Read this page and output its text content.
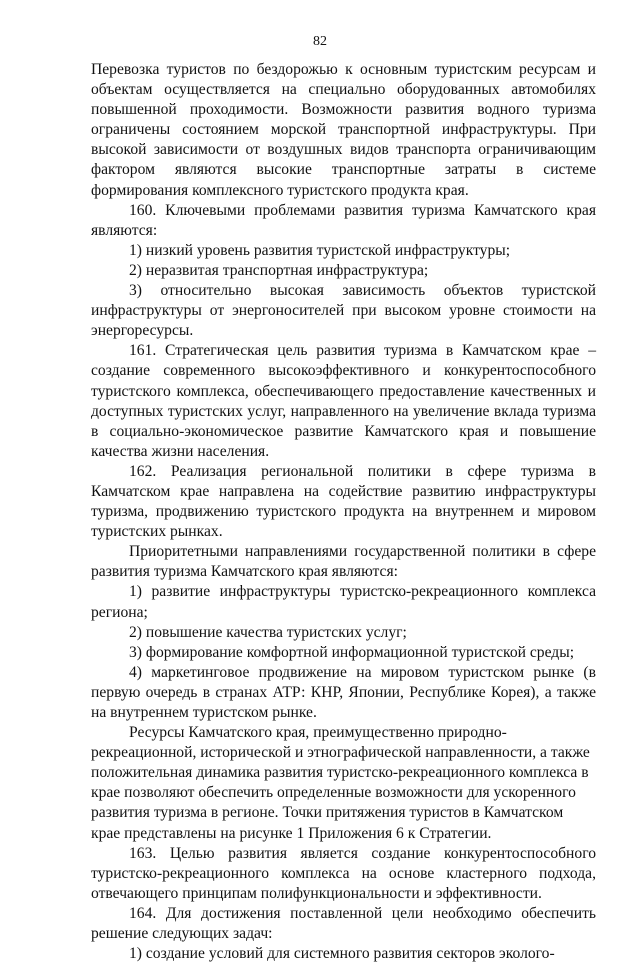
82

Перевозка туристов по бездорожью к основным туристским ресурсам и объектам осуществляется на специально оборудованных автомобилях повышенной проходимости. Возможности развития водного туризма ограничены состоянием морской транспортной инфраструктуры. При высокой зависимости от воздушных видов транспорта ограничивающим фактором являются высокие транспортные затраты в системе формирования комплексного туристского продукта края.

160. Ключевыми проблемами развития туризма Камчатского края являются:

1) низкий уровень развития туристской инфраструктуры;

2) неразвитая транспортная инфраструктура;

3) относительно высокая зависимость объектов туристской инфраструктуры от энергоносителей при высоком уровне стоимости на энергоресурсы.

161. Стратегическая цель развития туризма в Камчатском крае – создание современного высокоэффективного и конкурентоспособного туристского комплекса, обеспечивающего предоставление качественных и доступных туристских услуг, направленного на увеличение вклада туризма в социально-экономическое развитие Камчатского края и повышение качества жизни населения.

162. Реализация региональной политики в сфере туризма в Камчатском крае направлена на содействие развитию инфраструктуры туризма, продвижению туристского продукта на внутреннем и мировом туристских рынках.

Приоритетными направлениями государственной политики в сфере развития туризма Камчатского края являются:

1) развитие инфраструктуры туристско-рекреационного комплекса региона;

2) повышение качества туристских услуг;

3) формирование комфортной информационной туристской среды;

4) маркетинговое продвижение на мировом туристском рынке (в первую очередь в странах АТР: КНР, Японии, Республике Корея), а также на внутреннем туристском рынке.

Ресурсы Камчатского края, преимущественно природно-рекреационной, исторической и этнографической направленности, а также положительная динамика развития туристско-рекреационного комплекса в крае позволяют обеспечить определенные возможности для ускоренного развития туризма в регионе. Точки притяжения туристов в Камчатском крае представлены на рисунке 1 Приложения 6 к Стратегии.

163. Целью развития является создание конкурентоспособного туристско-рекреационного комплекса на основе кластерного подхода, отвечающего принципам полифункциональности и эффективности.

164. Для достижения поставленной цели необходимо обеспечить решение следующих задач:

1) создание условий для системного развития секторов эколого-
